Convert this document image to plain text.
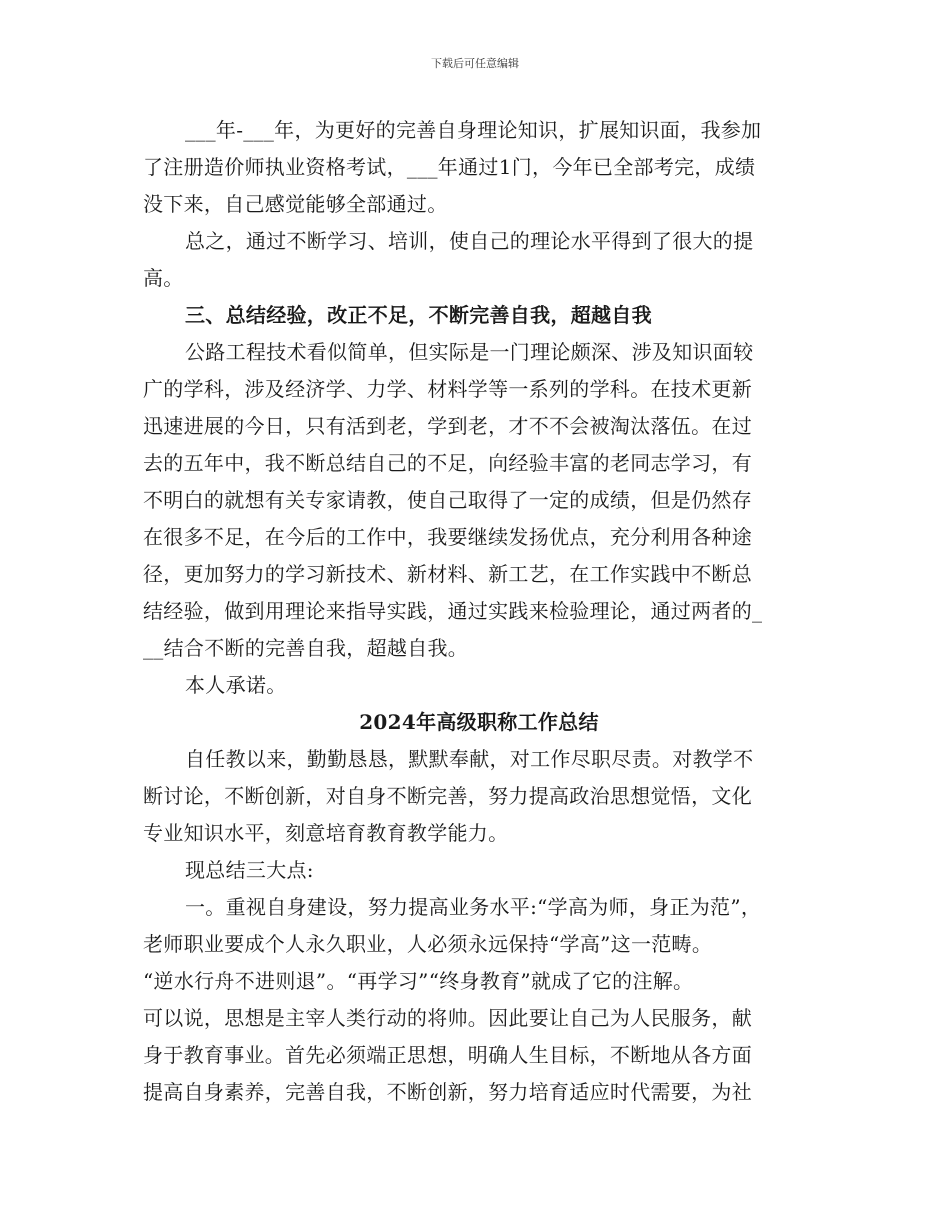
下载后可任意编辑
___年-___年，为更好的完善自身理论知识，扩展知识面，我参加
了注册造价师执业资格考试，___年通过1门，今年已全部考完，成绩
没下来，自己感觉能够全部通过。
总之，通过不断学习、培训，使自己的理论水平得到了很大的提
高。
三、总结经验，改正不足，不断完善自我，超越自我
公路工程技术看似简单，但实际是一门理论颇深、涉及知识面较
广的学科，涉及经济学、力学、材料学等一系列的学科。在技术更新
迅速进展的今日，只有活到老，学到老，才不不会被淘汰落伍。在过
去的五年中，我不断总结自己的不足，向经验丰富的老同志学习，有
不明白的就想有关专家请教，使自己取得了一定的成绩，但是仍然存
在很多不足，在今后的工作中，我要继续发扬优点，充分利用各种途
径，更加努力的学习新技术、新材料、新工艺，在工作实践中不断总
结经验，做到用理论来指导实践，通过实践来检验理论，通过两者的_
__结合不断的完善自我，超越自我。
本人承诺。
2024年高级职称工作总结
自任教以来，勤勤恳恳，默默奉献，对工作尽职尽责。对教学不
断讨论，不断创新，对自身不断完善，努力提高政治思想觉悟，文化
专业知识水平，刻意培育教育教学能力。
现总结三大点:
一。重视自身建设，努力提高业务水平:“学高为师，身正为范”，
老师职业要成个人永久职业，人必须永远保持“学高”这一范畴。
“逆水行舟不进则退”。“再学习”“终身教育”就成了它的注解。
可以说，思想是主宰人类行动的将帅。因此要让自己为人民服务，献
身于教育事业。首先必须端正思想，明确人生目标，不断地从各方面
提高自身素养，完善自我，不断创新，努力培育适应时代需要，为社
